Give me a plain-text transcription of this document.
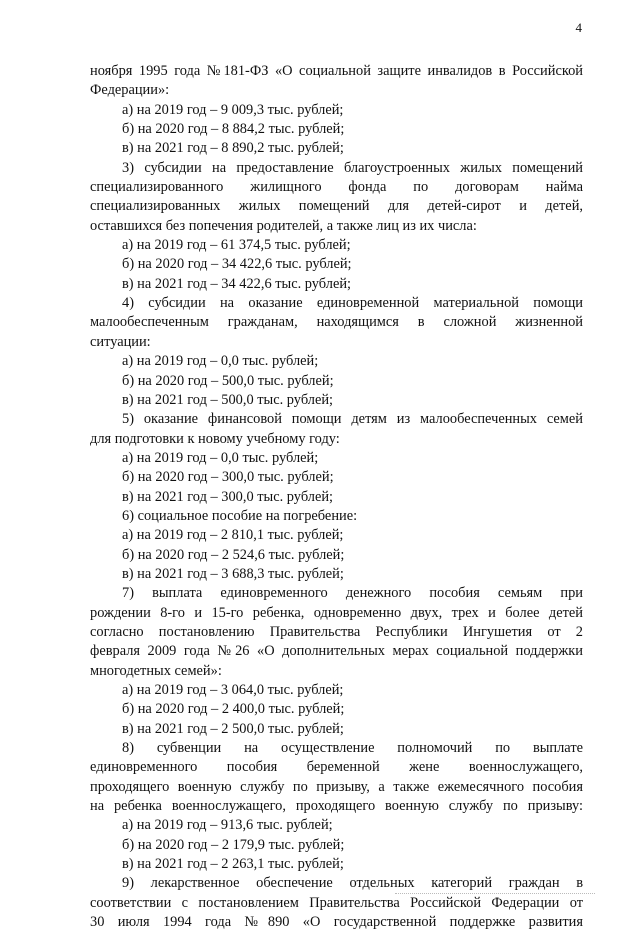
4
ноября 1995 года №181-ФЗ «О социальной защите инвалидов в Российской
Федерации»:
а) на 2019 год – 9 009,3 тыс. рублей;
б) на 2020 год – 8 884,2 тыс. рублей;
в) на 2021 год – 8 890,2 тыс. рублей;
3) субсидии на предоставление благоустроенных жилых помещений
специализированного жилищного фонда по договорам найма
специализированных жилых помещений для детей-сирот и детей,
оставшихся без попечения родителей, а также лиц из их числа:
а) на 2019 год – 61 374,5 тыс. рублей;
б) на 2020 год – 34 422,6 тыс. рублей;
в) на 2021 год – 34 422,6 тыс. рублей;
4) субсидии на оказание единовременной материальной помощи
малообеспеченным гражданам, находящимся в сложной жизненной
ситуации:
а) на 2019 год – 0,0 тыс. рублей;
б) на 2020 год – 500,0 тыс. рублей;
в) на 2021 год – 500,0 тыс. рублей;
5) оказание финансовой помощи детям из малообеспеченных семей
для подготовки к новому учебному году:
а) на 2019 год – 0,0 тыс. рублей;
б) на 2020 год – 300,0 тыс. рублей;
в) на 2021 год – 300,0 тыс. рублей;
6) социальное пособие на погребение:
а) на 2019 год – 2 810,1 тыс. рублей;
б) на 2020 год – 2 524,6 тыс. рублей;
в) на 2021 год – 3 688,3 тыс. рублей;
7) выплата единовременного денежного пособия семьям при
рождении 8-го и 15-го ребенка, одновременно двух, трех и более детей
согласно постановлению Правительства Республики Ингушетия от 2
февраля 2009 года №26 «О дополнительных мерах социальной поддержки
многодетных семей»:
а) на 2019 год – 3 064,0 тыс. рублей;
б) на 2020 год – 2 400,0 тыс. рублей;
в) на 2021 год – 2 500,0 тыс. рублей;
8) субвенции на осуществление полномочий по выплате
единовременного пособия беременной жене военнослужащего,
проходящего военную службу по призыву, а также ежемесячного пособия
на ребенка военнослужащего, проходящего военную службу по призыву:
а) на 2019 год – 913,6 тыс. рублей;
б) на 2020 год – 2 179,9 тыс. рублей;
в) на 2021 год – 2 263,1 тыс. рублей;
9) лекарственное обеспечение отдельных категорий граждан в
соответствии с постановлением Правительства Российской Федерации от
30 июля 1994 года №890 «О государственной поддержке развития
